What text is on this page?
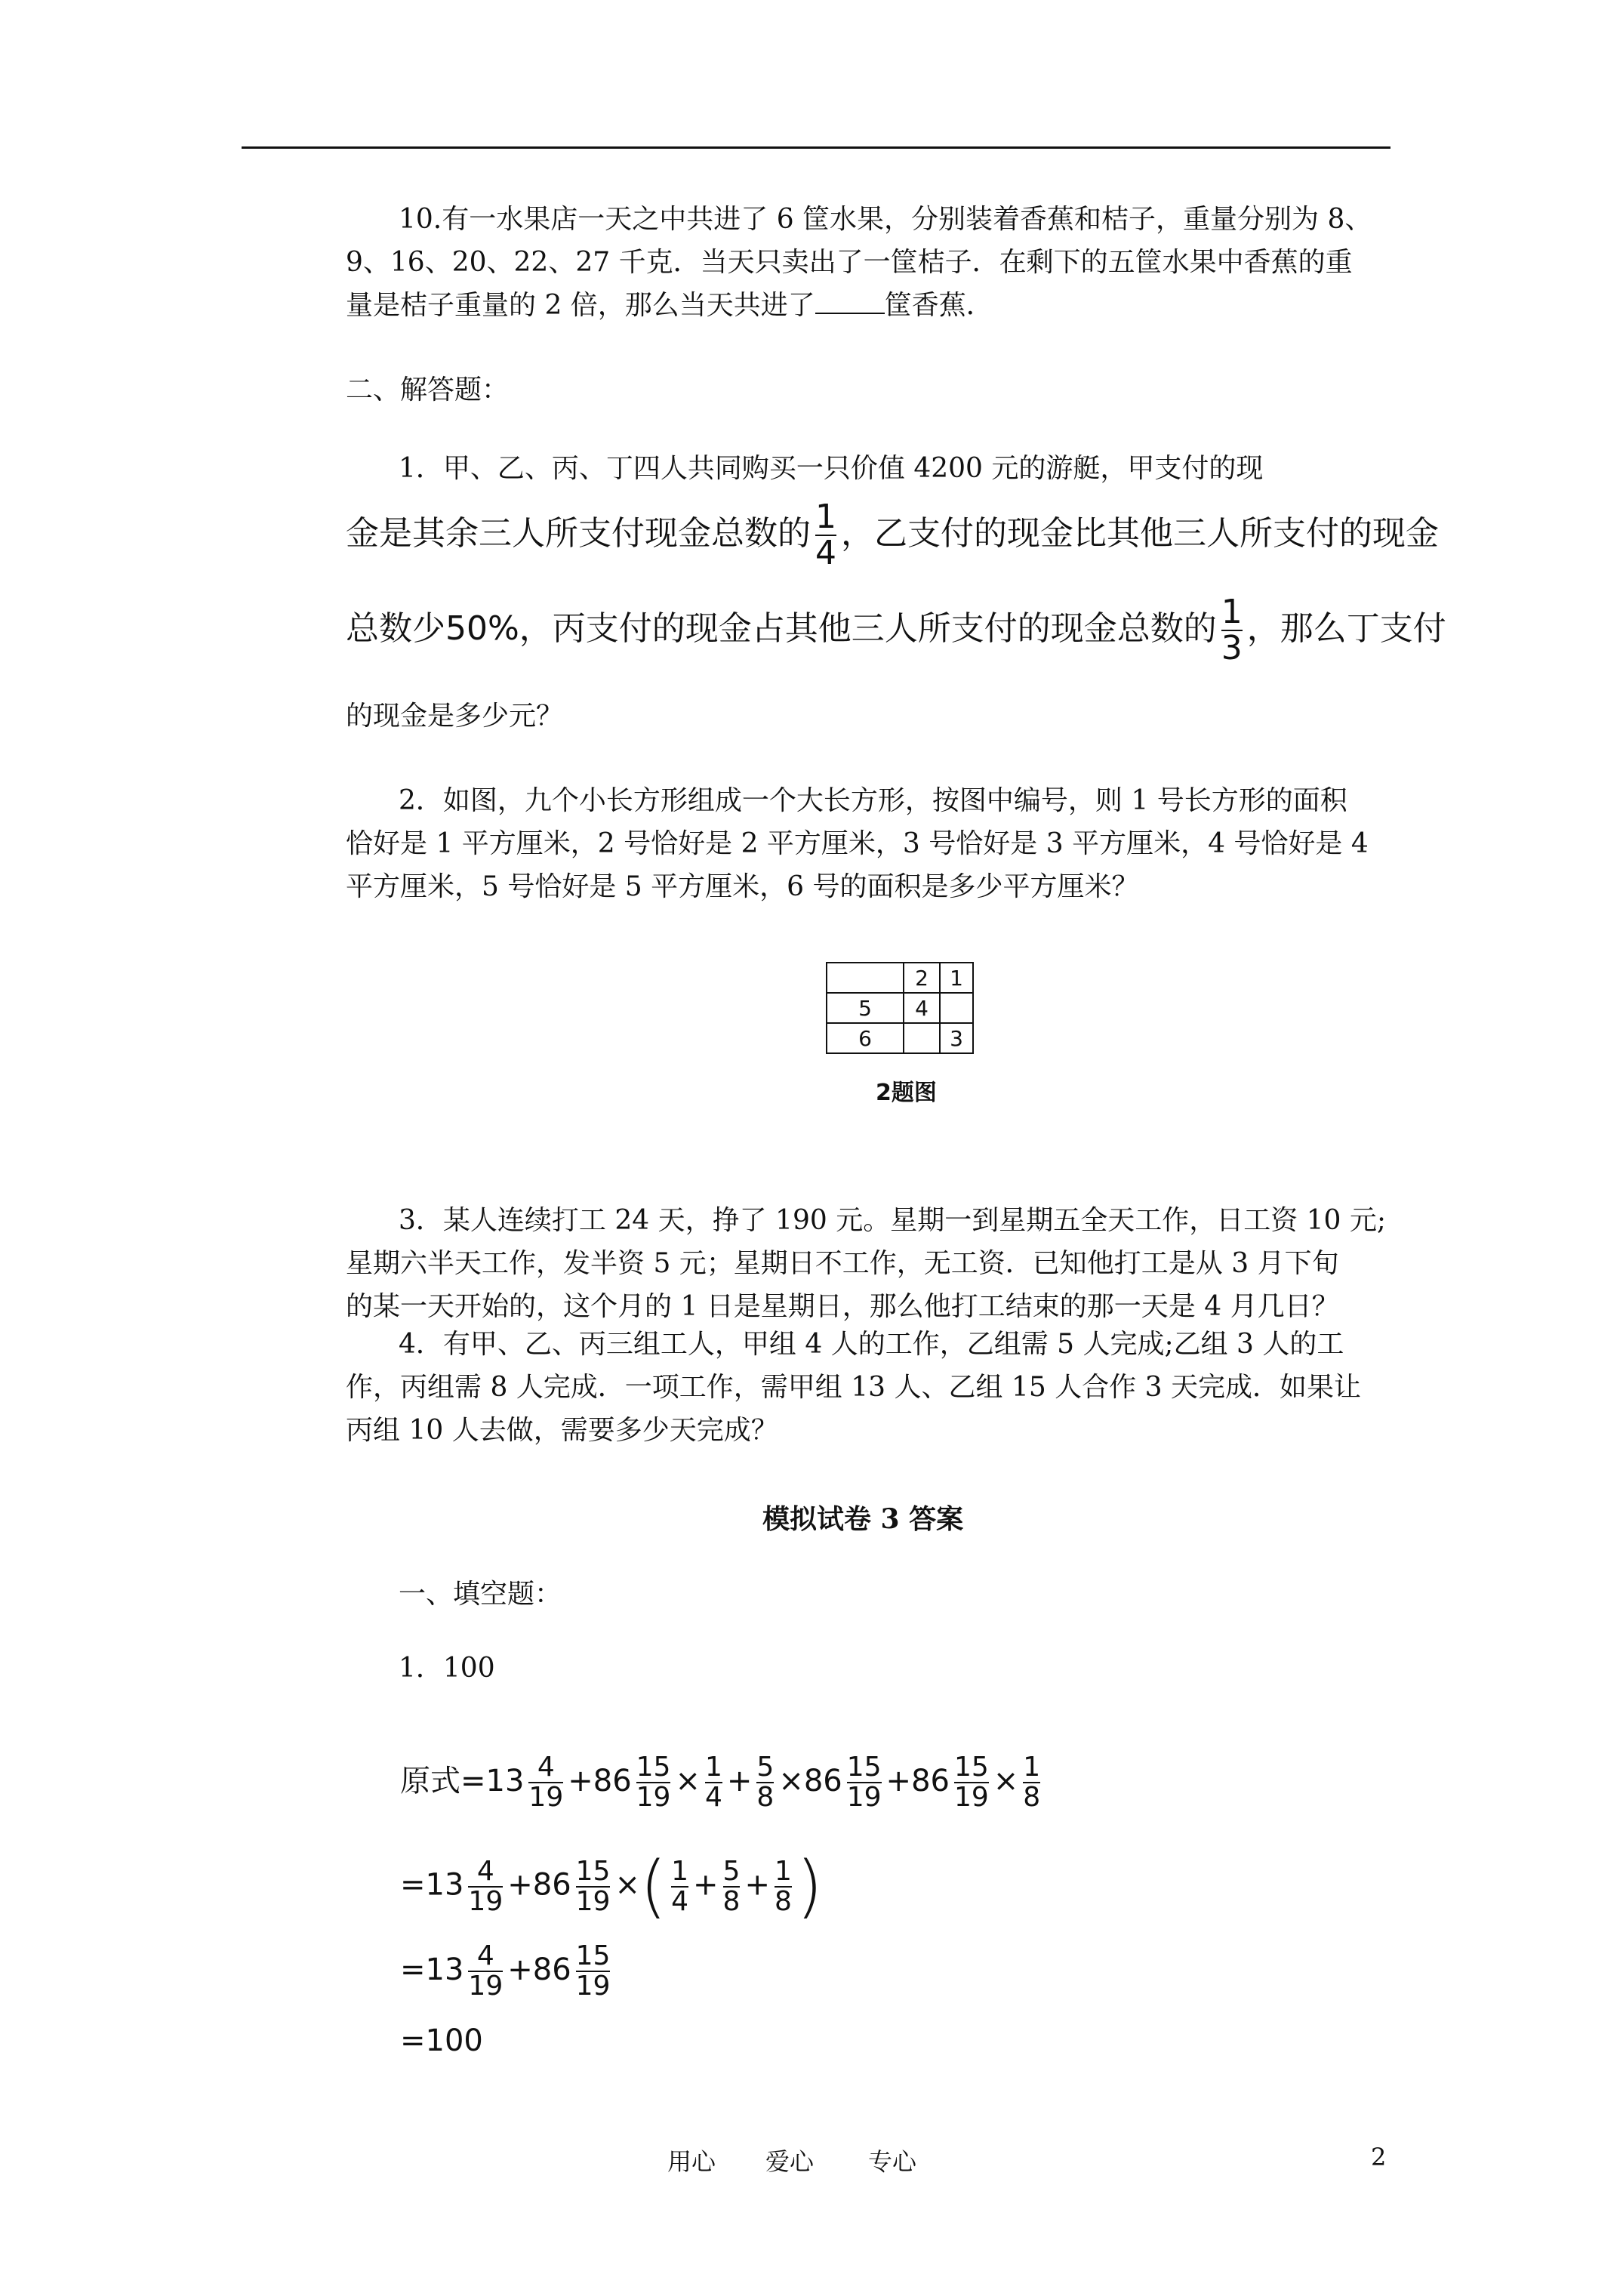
10.有一水果店一天之中共进了 6 筐水果，分别装着香蕉和桔子，重量分别为 8、
9、16、20、22、27 千克．当天只卖出了一筐桔子．在剩下的五筐水果中香蕉的重
量是桔子重量的 2 倍，那么当天共进了	筐香蕉．
二、解答题：
1．甲、乙、丙、丁四人共同购买一只价值 4200 元的游艇，甲支付的现
金是其余三人所支付现金总数的 $\frac{1}{4}$ ，乙支付的现金比其他三人所支付的现金
总数少50%，丙支付的现金占其他三人所支付的现金总数的 $\frac{1}{3}$ ，那么丁支付
的现金是多少元？
2．如图，九个小长方形组成一个大长方形，按图中编号，则 1 号长方形的面积
恰好是 1 平方厘米，2 号恰好是 2 平方厘米，3 号恰好是 3 平方厘米，4 号恰好是 4
平方厘米，5 号恰好是 5 平方厘米，6 号的面积是多少平方厘米？
	2	1
5	4	
6		3
2题图
3．某人连续打工 24 天，挣了 190 元。星期一到星期五全天工作，日工资 10 元;
星期六半天工作，发半资 5 元；星期日不工作，无工资．已知他打工是从 3 月下旬
的某一天开始的，这个月的 1 日是星期日，那么他打工结束的那一天是 4 月几日？
4．有甲、乙、丙三组工人，甲组 4 人的工作，乙组需 5 人完成;乙组 3 人的工
作，丙组需 8 人完成．一项工作，需甲组 13 人、乙组 15 人合作 3 天完成．如果让
丙组 10 人去做，需要多少天完成？
模拟试卷 3 答案
一、填空题：
1．100
原式$=13 \frac{4}{19} +86 \frac{15}{19} \times \frac{1}{4} + \frac{5}{8} \times 86 \frac{15}{19} +86 \frac{15}{19} \times \frac{1}{8}$
$=13 \frac{4}{19} +86 \frac{15}{19}$ ×( $\frac{1}{4} + \frac{5}{8} + \frac{1}{8}$ )
$=13 \frac{4}{19} +86 \frac{15}{19}$
=100
用心 爱心 专心	2
